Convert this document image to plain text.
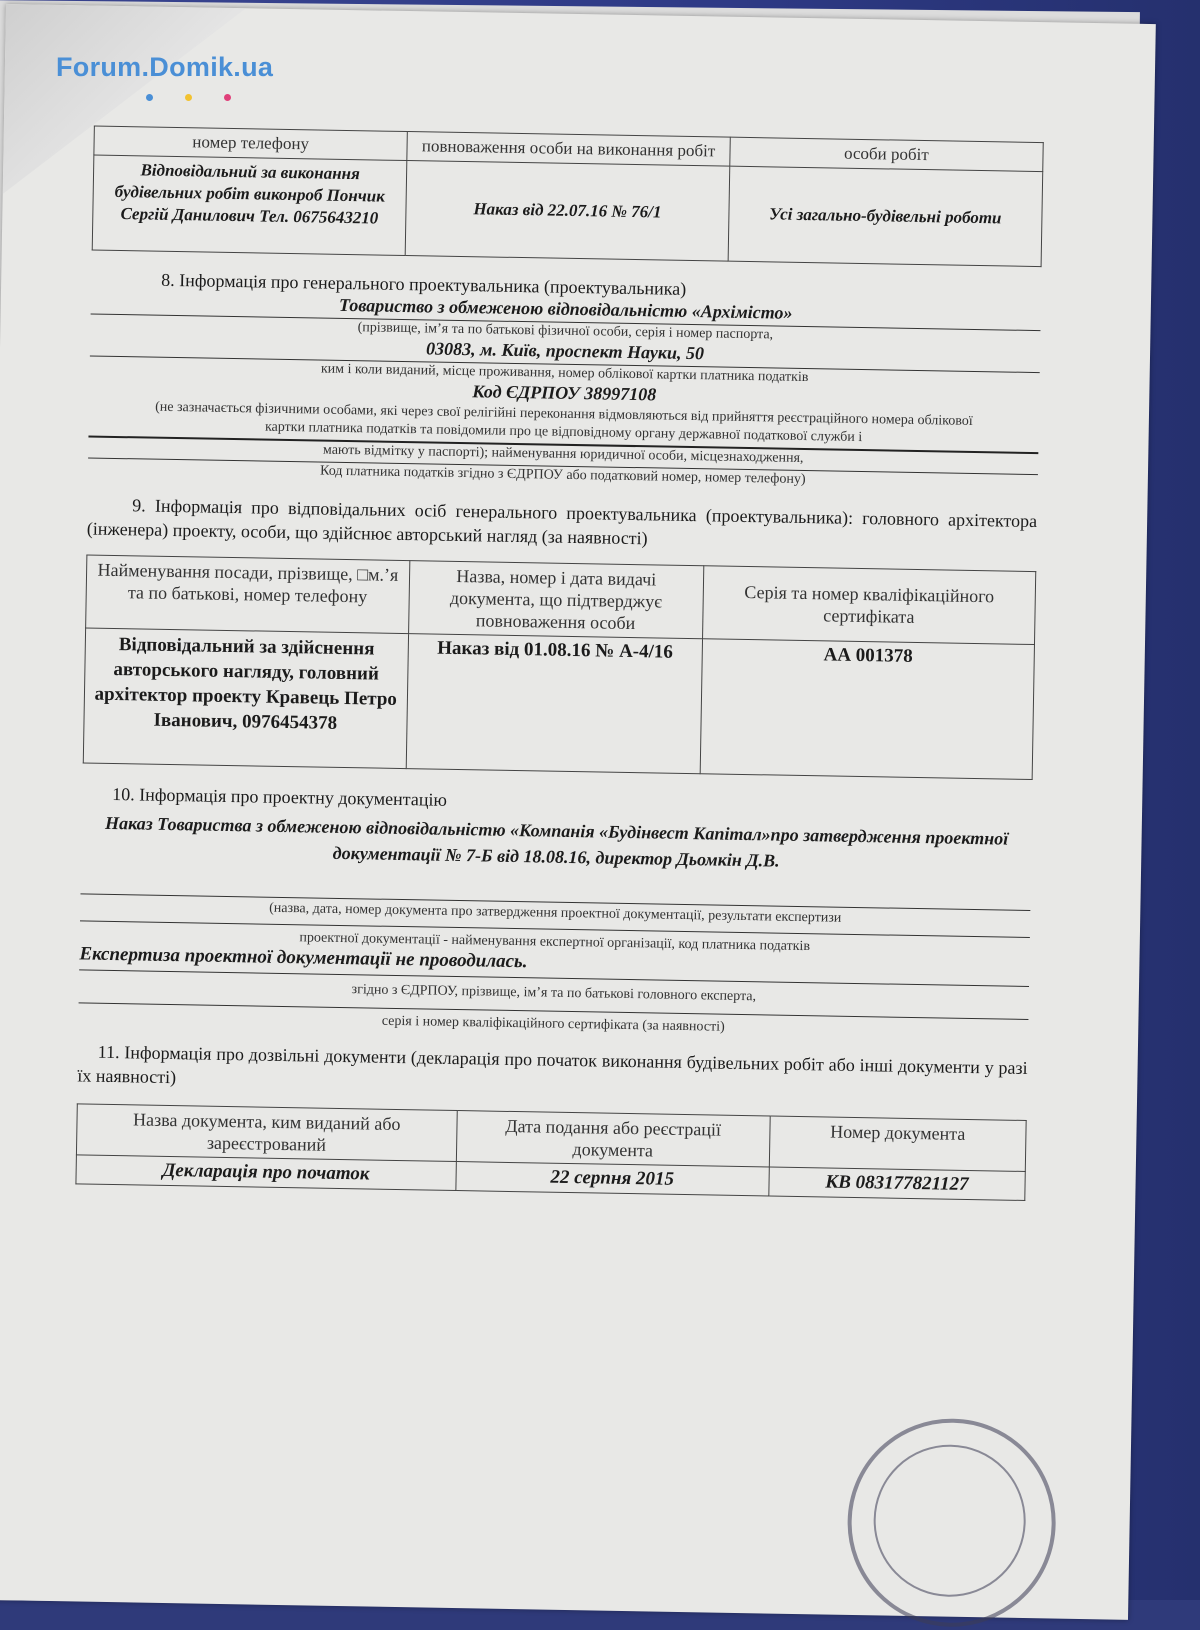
номер телефону	повноваження особи на виконання робіт	особи робіт
Відповідальний за виконання будівельних робіт виконроб Пончик Сергій Данилович Тел. 0675643210	Наказ від 22.07.16 № 76/1	Усі загально-будівельні роботи
8. Інформація про генерального проектувальника (проектувальника)
Товариство з обмеженою відповідальністю «Архімісто»
(прізвище, ім’я та по батькові фізичної особи, серія і номер паспорта,
03083, м. Київ, проспект Науки, 50
ким і коли виданий, місце проживання, номер облікової картки платника податків
Код ЄДРПОУ 38997108
(не зазначається фізичними особами, які через свої релігійні переконання відмовляються від прийняття реєстраційного номера облікової картки платника податків та повідомили про це відповідному органу державної податкової служби і
мають відмітку у паспорті); найменування юридичної особи, місцезнаходження,
Код платника податків згідно з ЄДРПОУ або податковий номер, номер телефону)
9. Інформація про відповідальних осіб генерального проектувальника (проектувальника): головного архітектора (інженера) проекту, особи, що здійснює авторський нагляд (за наявності)
Найменування посади, прізвище, □м.’я та по батькові, номер телефону	Назва, номер і дата видачі документа, що підтверджує повноваження особи	Серія та номер кваліфікаційного сертифіката
Відповідальний за здійснення авторського нагляду, головний архітектор проекту Кравець Петро Іванович, 0976454378	Наказ від 01.08.16 № А-4/16	АА 001378
10. Інформація про проектну документацію
Наказ Товариства з обмеженою відповідальністю «Компанія «Будінвест Капітал»про затвердження проектної документації № 7-Б від 18.08.16, директор Дьомкін Д.В.
(назва, дата, номер документа про затвердження проектної документації, результати експертизи
проектної документації - найменування експертної організації, код платника податків
Експертиза проектної документації не проводилась.
згідно з ЄДРПОУ, прізвище, ім’я та по батькові головного експерта,
серія і номер кваліфікаційного сертифіката (за наявності)
11. Інформація про дозвільні документи (декларація про початок виконання будівельних робіт або інші документи у разі їх наявності)
Назва документа, ким виданий або зареєстрований	Дата подання або реєстрації документа	Номер документа
Декларація про початок	22 серпня 2015	КВ 083177821127
Forum.Domik.ua
